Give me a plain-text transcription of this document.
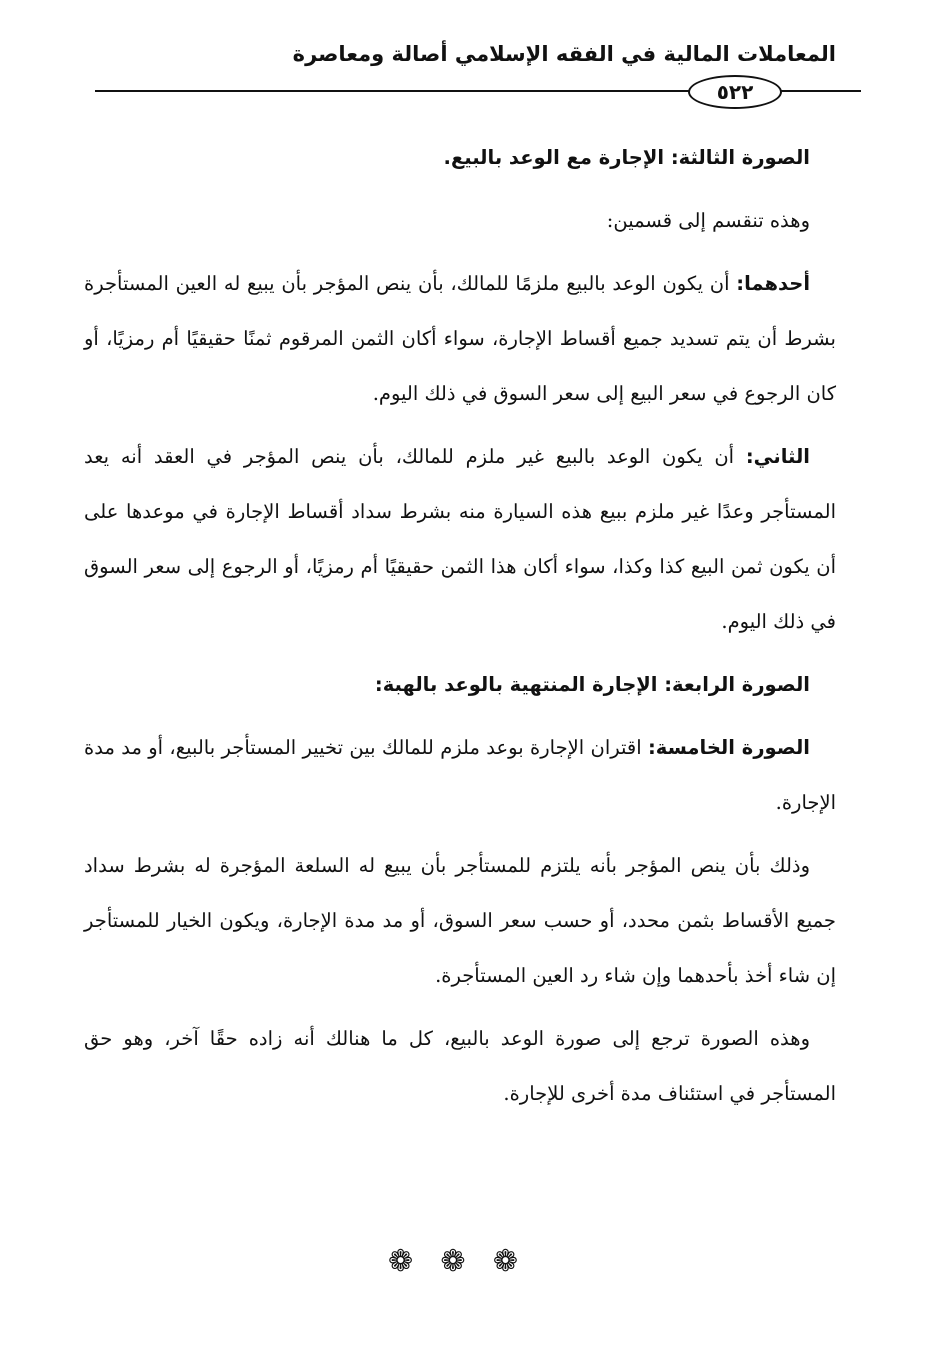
المعاملات المالية في الفقه الإسلامي أصالة ومعاصرة
٥٢٢

الصورة الثالثة: الإجارة مع الوعد بالبيع.

وهذه تنقسم إلى قسمين:

أحدهما: أن يكون الوعد بالبيع ملزمًا للمالك، بأن ينص المؤجر بأن يبيع له العين المستأجرة بشرط أن يتم تسديد جميع أقساط الإجارة، سواء أكان الثمن المرقوم ثمنًا حقيقيًا أم رمزيًا، أو كان الرجوع في سعر البيع إلى سعر السوق في ذلك اليوم.

الثاني: أن يكون الوعد بالبيع غير ملزم للمالك، بأن ينص المؤجر في العقد أنه يعد المستأجر وعدًا غير ملزم ببيع هذه السيارة منه بشرط سداد أقساط الإجارة في موعدها على أن يكون ثمن البيع كذا وكذا، سواء أكان هذا الثمن حقيقيًا أم رمزيًا، أو الرجوع إلى سعر السوق في ذلك اليوم.

الصورة الرابعة: الإجارة المنتهية بالوعد بالهبة:

الصورة الخامسة: اقتران الإجارة بوعد ملزم للمالك بين تخيير المستأجر بالبيع، أو مد مدة الإجارة.

وذلك بأن ينص المؤجر بأنه يلتزم للمستأجر بأن يبيع له السلعة المؤجرة له بشرط سداد جميع الأقساط بثمن محدد، أو حسب سعر السوق، أو مد مدة الإجارة، ويكون الخيار للمستأجر إن شاء أخذ بأحدهما وإن شاء رد العين المستأجرة.

وهذه الصورة ترجع إلى صورة الوعد بالبيع، كل ما هنالك أنه زاده حقًا آخر، وهو حق المستأجر في استئناف مدة أخرى للإجارة.

❁ ❁ ❁
